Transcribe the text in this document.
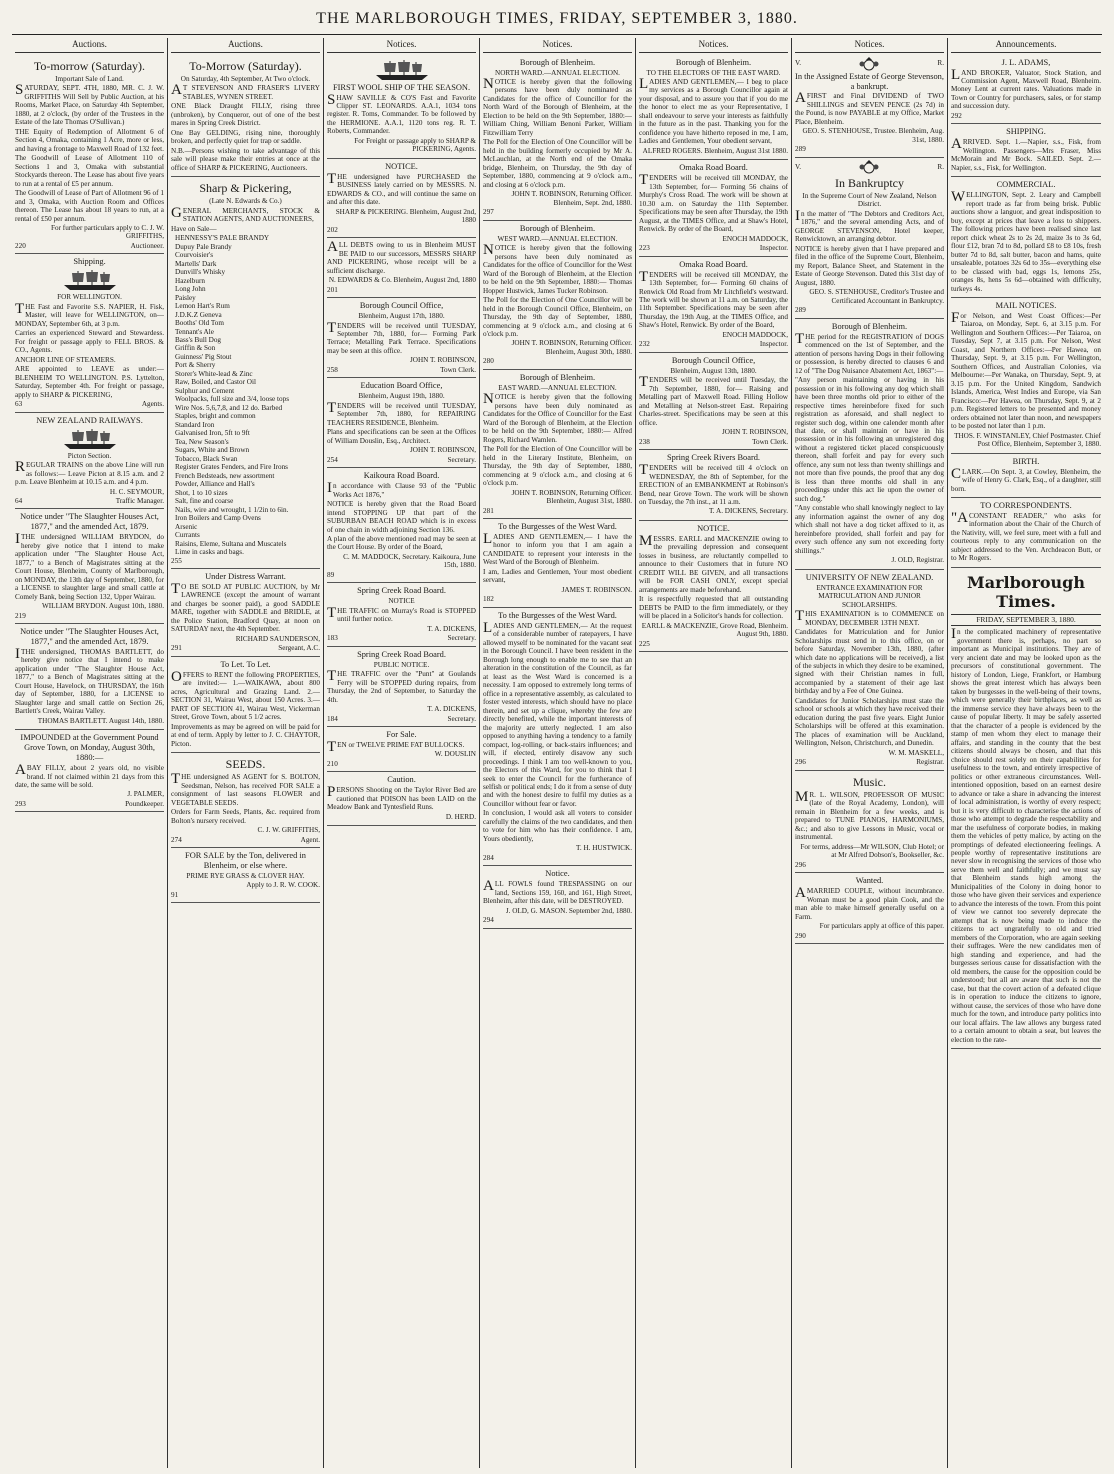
THE MARLBOROUGH TIMES, FRIDAY, SEPTEMBER 3, 1880.
Auctions.
To-morrow (Saturday).
Important Sale of Land.

SATURDAY, SEPT. 4TH, 1880, MR. C. J. W. GRIFFITHS Will Sell by Public Auction, at his Rooms, Market Place, on Saturday 4th September, 1880, at 2 o'clock, (by order of the Trustees in the Estate of the late Thomas O'Sullivan.)

THE Equity of Redemption of Allotment 6 of Section 4, Omaka, containing 1 Acre, more or less, and having a frontage to Maxwell Road of 132 feet.

The Goodwill of Lease of Allotment 110 of Sections 1 and 3, Omaka with substantial Stockyards thereon. The Lease has about five years to run at a rental of £5 per annum.

The Goodwill of Lease of Part of Allotment 96 of 1 and 3, Omaka, with Auction Room and Offices thereon. The Lease has about 18 years to run, at a rental of £50 per annum.

For further particulars apply to C. J. W. GRIFFITHS,

220	Auctioneer.
Shipping.
FOR WELLINGTON.

THE Fast and Favorite S.S. NAPIER, H. Fisk, Master, will leave for WELLINGTON, on— MONDAY, September 6th, at 3 p.m.

Carries an experienced Steward and Stewardess. For freight or passage apply to FELL BROS. & CO., Agents.

ANCHOR LINE OF STEAMERS.

ARE appointed to LEAVE as under:— BLENHEIM TO WELLINGTON. P.S. Lyttelton, Saturday, September 4th. For freight or passage, apply to SHARP & PICKERING,

63	Agents.
NEW ZEALAND RAILWAYS.
Picton Section.

REGULAR TRAINS on the above Line will run as follows:— Leave Picton at 8.15 a.m. and 2 p.m. Leave Blenheim at 10.15 a.m. and 4 p.m.

H. C. SEYMOUR,

64	Traffic Manager.
Notice under "The Slaughter Houses Act, 1877," and the amended Act, 1879.

ITHE undersigned WILLIAM BRYDON, do hereby give notice that I intend to make application under "The Slaughter House Act, 1877," to a Bench of Magistrates sitting at the Court House, Blenheim, County of Marlborough, on MONDAY, the 13th day of September, 1880, for a LICENSE to slaughter large and small cattle at Comely Bank, being Section 132, Upper Wairau.

WILLIAM BRYDON. August 10th, 1880.

219
Notice under "The Slaughter Houses Act, 1877," and the amended Act, 1879.

ITHE undersigned, THOMAS BARTLETT, do hereby give notice that I intend to make application under "The Slaughter House Act, 1877," to a Bench of Magistrates sitting at the Court House, Havelock, on THURSDAY, the 16th day of September, 1880, for a LICENSE to Slaughter large and small cattle on Section 26, Bartlett's Creek, Wairau Valley.

THOMAS BARTLETT. August 14th, 1880.

IMPOUNDED at the Government Pound Grove Town, on Monday, August 30th, 1880:—

ABAY FILLY, about 2 years old, no visible brand. If not claimed within 21 days from this date, the same will be sold.

J. PALMER,

293	Poundkeeper.
Auctions.
To-Morrow (Saturday).
On Saturday, 4th September, At Two o'clock.

AT STEVENSON AND FRASER'S LIVERY STABLES, WYNEN STREET.

ONE Black Draught FILLY, rising three (unbroken), by Conqueror, out of one of the best mares in Spring Creek District.

One Bay GELDING, rising nine, thoroughly broken, and perfectly quiet for trap or saddle.

N.B.—Persons wishing to take advantage of this sale will please make their entries at once at the office of SHARP & PICKERING, Auctioneers.

Sharp & Pickering,
(Late N. Edwards & Co.)

GENERAL MERCHANTS, STOCK & STATION AGENTS, AND AUCTIONEERS,

Have on Sale—

HENNESSY'S PALE BRANDY
Dupuy Pale Brandy
Courvoisier's
Martells' Dark
Dunvill's Whisky
Hazelburn
Long John
Paisley
Lemon Hart's Rum
J.D.K.Z Geneva
Booths' Old Tom
Tennant's Ale
Bass's Bull Dog
Griffin & Son
Guinness' Pig Stout
Port & Sherry
Storer's White-lead & Zinc
Raw, Boiled, and Castor Oil
Sulphur and Cement
Woolpacks, full size and 3/4, loose tops
Wire Nos. 5,6,7,8, and 12 do. Barbed
Staples, bright and common
Standard Iron
Galvanised Iron, 5ft to 9ft
Tea, New Season's
Sugars, White and Brown
Tobacco, Black Swan
Register Grates Fenders, and Fire Irons
French Bedsteads, new assortment
Powder, Alliance and Hall's
Shot, 1 to 10 sizes
Salt, fine and coarse
Nails, wire and wrought, 1 1/2in to 6in.
Iron Boilers and Camp Ovens
Arsenic
Currants
Raisins, Eleme, Sultana and Muscatels
Lime in casks and bags.
255
Under Distress Warrant.

TO BE SOLD AT PUBLIC AUCTION, by Mr LAWRENCE (except the amount of warrant and charges be sooner paid), a good SADDLE MARE, together with SADDLE and BRIDLE, at the Police Station, Bradford Quay, at noon on SATURDAY next, the 4th September.

RICHARD SAUNDERSON,

291	Sergeant, A.C.
To Let. To Let.

OFFERS to RENT the following PROPERTIES, are invited:— 1.—WAIKAWA, about 800 acres, Agricultural and Grazing Land. 2.—SECTION 31, Wairau West, about 150 Acres. 3.—PART OF SECTION 41, Wairau West, Vickerman Street, Grove Town, about 5 1/2 acres.

Improvements as may be agreed on will be paid for at end of term. Apply by letter to J. C. CHAYTOR, Picton.

SEEDS.

THE undersigned AS AGENT for S. BOLTON, Seedsman, Nelson, has received FOR SALE a consignment of last seasons FLOWER and VEGETABLE SEEDS.

Orders for Farm Seeds, Plants, &c. required from Bolton's nursery received.

C. J. W. GRIFFITHS,

274	Agent.
FOR SALE by the Ton, delivered in Blenheim, or else where.
PRIME RYE GRASS & CLOVER HAY.

Apply to J. R. W. COOK.

91
Notices.
FIRST WOOL SHIP OF THE SEASON.

SHAW SAVILLE & CO'S Fast and Favorite Clipper ST. LEONARDS. A.A.1, 1034 tons register. R. Toms, Commander. To be followed by the HERMIONE. A.A.1, 1120 tons reg. R. T. Roberts, Commander.

For Freight or passage apply to SHARP & PICKERING, Agents.

NOTICE.

THE undersigned have PURCHASED the BUSINESS lately carried on by MESSRS. N. EDWARDS & CO., and will continue the same on and after this date.

SHARP & PICKERING. Blenheim, August 2nd, 1880

202

ALL DEBTS owing to us in Blenheim MUST BE PAID to our successors, MESSRS SHARP AND PICKERING, whose receipt will be a sufficient discharge.

N. EDWARDS & Co. Blenheim, August 2nd, 1880

201
Borough Council Office,
Blenheim, August 17th, 1880.

TENDERS will be received until TUESDAY, September 7th, 1880, for— Forming Park Terrace; Metalling Park Terrace. Specifications may be seen at this office.

JOHN T. ROBINSON,

258	Town Clerk.
Education Board Office,
Blenheim, August 19th, 1880.

TENDERS will be received until TUESDAY, September 7th, 1880, for REPAIRING TEACHERS RESIDENCE, Blenheim.

Plans and specifications can be seen at the Offices of William Douslin, Esq., Architect.

JOHN T. ROBINSON,

254	Secretary.
Kaikoura Road Board.

In accordance with Clause 93 of the "Public Works Act 1876,"

NOTICE is hereby given that the Road Board intend STOPPING UP that part of the SUBURBAN BEACH ROAD which is in excess of one chain in width adjoining Section 136.

A plan of the above mentioned road may be seen at the Court House. By order of the Board,

C. M. MADDOCK, Secretary. Kaikoura, June 15th, 1880.

89
Spring Creek Road Board.
NOTICE

THE TRAFFIC on Murray's Road is STOPPED until further notice.

T. A. DICKENS,

183	Secretary.
Spring Creek Road Board.
PUBLIC NOTICE.

THE TRAFFIC over the "Punt" at Goulands Ferry will be STOPPED during repairs, from Thursday, the 2nd of September, to Saturday the 4th.

T. A. DICKENS,

184	Secretary.
For Sale.

TEN or TWELVE PRIME FAT BULLOCKS.

W. DOUSLIN

210
Caution.

PERSONS Shooting on the Taylor River Bed are cautioned that POISON has been LAID on the Meadow Bank and Tyntesfield Runs.

D. HERD.

Notices.
Borough of Blenheim.
NORTH WARD.—ANNUAL ELECTION.

NOTICE is hereby given that the following persons have been duly nominated as Candidates for the office of Councillor for the North Ward of the Borough of Blenheim, at the Election to be held on the 9th September, 1880:— William Ching, William Benoni Parker, William Fitzwilliam Terry

The Poll for the Election of One Councillor will be held in the building formerly occupied by Mr A. McLauchlan, at the North end of the Omaka bridge, Blenheim, on Thursday, the 9th day of September, 1880, commencing at 9 o'clock a.m., and closing at 6 o'clock p.m.

JOHN T. ROBINSON, Returning Officer. Blenheim, Sept. 2nd, 1880.

297
Borough of Blenheim.
WEST WARD.—ANNUAL ELECTION.

NOTICE is hereby given that the following persons have been duly nominated as Candidates for the office of Councillor for the West Ward of the Borough of Blenheim, at the Election to be held on the 9th September, 1880:— Thomas Hopper Hustwick, James Tucker Robinson.

The Poll for the Election of One Councillor will be held in the Borough Council Office, Blenheim, on Thursday, the 9th day of September, 1880, commencing at 9 o'clock a.m., and closing at 6 o'clock p.m.

JOHN T. ROBINSON, Returning Officer. Blenheim, August 30th, 1880.

280
Borough of Blenheim.
EAST WARD.—ANNUAL ELECTION.

NOTICE is hereby given that the following persons have been duly nominated as Candidates for the Office of Councillor for the East Ward of the Borough of Blenheim, at the Election to be held on the 9th September, 1880:— Alfred Rogers, Richard Wamlen.

The Poll for the Election of One Councillor will be held in the Literary Institute, Blenheim, on Thursday, the 9th day of September, 1880, commencing at 9 o'clock a.m., and closing at 6 o'clock p.m.

JOHN T. ROBINSON, Returning Officer. Blenheim, August 31st, 1880.

281
To the Burgesses of the West Ward.

LADIES AND GENTLEMEN,— I have the honor to inform you that I am again a CANDIDATE to represent your interests in the West Ward of the Borough of Blenheim.

I am, Ladies and Gentlemen, Your most obedient servant,

JAMES T. ROBINSON.

182
To the Burgesses of the West Ward.

LADIES AND GENTLEMEN,— At the request of a considerable number of ratepayers, I have allowed myself to be nominated for the vacant seat in the Borough Council. I have been resident in the Borough long enough to enable me to see that an alteration in the constitution of the Council, as far at least as the West Ward is concerned is a necessity. I am opposed to extremely long terms of office in a representative assembly, as calculated to foster vested interests, which should have no place therein, and set up a clique, whereby the few are directly benefited, while the important interests of the majority are utterly neglected. I am also opposed to anything having a tendency to a family compact, log-rolling, or back-stairs influences; and will, if elected, entirely disavow any such proceedings. I think I am too well-known to you, the Electors of this Ward, for you to think that I seek to enter the Council for the furtherance of selfish or political ends; I do it from a sense of duty and with the honest desire to fulfil my duties as a Councillor without fear or favor.

In conclusion, I would ask all voters to consider carefully the claims of the two candidates, and then to vote for him who has their confidence. I am, Yours obediently,

T. H. HUSTWICK.

284
Notice.

ALL FOWLS found TRESPASSING on our land, Sections 159, 160, and 161, High Street, Blenheim, after this date, will be DESTROYED.

J. OLD, G. MASON. September 2nd, 1880.

294
Notices.
Borough of Blenheim.
TO THE ELECTORS OF THE EAST WARD.

LADIES AND GENTLEMEN,— I beg to place my services as a Borough Councillor again at your disposal, and to assure you that if you do me the honor to elect me as your Representative, I shall endeavour to serve your interests as faithfully in the future as in the past. Thanking you for the confidence you have hitherto reposed in me, I am, Ladies and Gentlemen, Your obedient servant,

ALFRED ROGERS. Blenheim, August 31st 1880.

Omaka Road Board.

TENDERS will be received till MONDAY, the 13th September, for— Forming 56 chains of Murphy's Cross Road. The work will be shown at 10.30 a.m. on Saturday the 11th September. Specifications may be seen after Thursday, the 19th August, at the TIMES Office, and at Shaw's Hotel, Renwick. By order of the Board,

ENOCH MADDOCK,

223	Inspector.
Omaka Road Board.

TENDERS will be received till MONDAY, the 13th September, for— Forming 60 chains of Renwick Old Road from Mr Litchfield's westward. The work will be shown at 11 a.m. on Saturday, the 11th September. Specifications may be seen after Thursday, the 19th Aug, at the TIMES Office, and Shaw's Hotel, Renwick. By order of the Board,

ENOCH MADDOCK,

232	Inspector.
Borough Council Office,
Blenheim, August 13th, 1880.

TENDERS will be received until Tuesday, the 7th September, 1880, for— Raising and Metalling part of Maxwell Road. Filling Hollow and Metalling at Nelson-street East. Repairing Charles-street. Specifications may be seen at this office.

JOHN T. ROBINSON,

238	Town Clerk.
Spring Creek Rivers Board.

TENDERS will be received till 4 o'clock on WEDNESDAY, the 8th of September, for the ERECTION of an EMBANKMENT at Robinson's Bend, near Grove Town. The work will be shown on Tuesday, the 7th inst., at 11 a.m.

T. A. DICKENS, Secretary.

NOTICE.

MESSRS. EARLL and MACKENZIE owing to the prevailing depression and consequent losses in business, are reluctantly compelled to announce to their Customers that in future NO CREDIT WILL BE GIVEN, and all transactions will be FOR CASH ONLY, except special arrangements are made beforehand.

It is respectfully requested that all outstanding DEBTS be PAID to the firm immediately, or they will be placed in a Solicitor's hands for collection.

EARLL & MACKENZIE, Grove Road, Blenheim. August 9th, 1880.

225
Notices.
V.	R.
In the Assigned Estate of George Stevenson, a bankrupt.

AFIRST and Final DIVIDEND of TWO SHILLINGS and SEVEN PENCE (2s 7d) in the Pound, is now PAYABLE at my Office, Market Place, Blenheim.

GEO. S. STENHOUSE, Trustee. Blenheim, Aug. 31st, 1880.

289
V.	R.
In Bankruptcy
In the Supreme Court of New Zealand, Nelson District.

In the matter of "The Debtors and Creditors Act, 1876," and the several amending Acts, and of GEORGE STEVENSON, Hotel keeper, Renwicktown, an arranging debtor.

NOTICE is hereby given that I have prepared and filed in the office of the Supreme Court, Blenheim, my Report, Balance Sheet, and Statement in the Estate of George Stevenson. Dated this 31st day of August, 1880.

GEO. S. STENHOUSE, Creditor's Trustee and Certificated Accountant in Bankruptcy.

289
Borough of Blenheim.

THE period for the REGISTRATION of DOGS commenced on the 1st of September, and the attention of persons having Dogs in their following or possession, is hereby directed to clauses 6 and 12 of "The Dog Nuisance Abatement Act, 1863":—

"Any person maintaining or having in his possession or in his following any dog which shall have been three months old prior to either of the respective times hereinbefore fixed for such registration as aforesaid, and shall neglect to register such dog, within one calender month after that date, or shall maintain or have in his possession or in his following an unregistered dog without a registered ticket placed conspicuously thereon, shall forfeit and pay for every such offence, any sum not less than twenty shillings and not more than five pounds, the proof that any dog is less than three months old shall in any proceedings under this act lie upon the owner of such dog."

"Any constable who shall knowingly neglect to lay any information against the owner of any dog which shall not have a dog ticket affixed to it, as hereinbefore provided, shall forfeit and pay for every such offence any sum not exceeding forty shillings."

J. OLD, Registrar.

UNIVERSITY OF NEW ZEALAND.
ENTRANCE EXAMINATION FOR MATRICULATION AND JUNIOR SCHOLARSHIPS.

THIS EXAMINATION is to COMMENCE on MONDAY, DECEMBER 13TH NEXT.

Candidates for Matriculation and for Junior Scholarships must send in to this office, on or before Saturday, November 13th, 1880, (after which date no applications will be received), a list of the subjects in which they desire to be examined, signed with their Christian names in full, accompanied by a statement of their age last birthday and by a Fee of One Guinea.

Candidates for Junior Scholarships must state the school or schools at which they have received their education during the past five years. Eight Junior Scholarships will be offered at this examination. The places of examination will be Auckland, Wellington, Nelson, Christchurch, and Dunedin.

W. M. MASKELL,

296	Registrar.
Music.

MR. L. WILSON, PROFESSOR OF MUSIC (late of the Royal Academy, London), will remain in Blenheim for a few weeks, and is prepared to TUNE PIANOS, HARMONIUMS, &c.; and also to give Lessons in Music, vocal or instrumental.

For terms, address—Mr WILSON, Club Hotel; or at Mr Alfred Dobson's, Bookseller, &c.

296
Wanted.

AMARRIED COUPLE, without incumbrance. Woman must be a good plain Cook, and the man able to make himself generally useful on a Farm.

For particulars apply at office of this paper.

290
Announcements.
J. L. ADAMS,

LAND BROKER, Valuator, Stock Station, and Commission Agent, Maxwell Road, Blenheim. Money Lent at current rates. Valuations made in Town or Country for purchasers, sales, or for stamp and succession duty.

292
SHIPPING.

ARRIVED. Sept. 1.—Napier, s.s., Fisk, from Wellington. Passengers—Mrs Fraser, Miss McMorain and Mr Bock. SAILED. Sept. 2.—Napier, s.s., Fisk, for Wellington.

COMMERCIAL.

WELLINGTON, Sept. 2. Leary and Campbell report trade as far from being brisk. Public auctions show a languor, and great indisposition to buy, except at prices that leave a loss to shippers. The following prices have been realised since last report chick wheat 2s to 2s 2d, maize 3s to 3s 6d, flour £12, bran 7d to 8d, pollard £8 to £8 10s, fresh butter 7d to 8d, salt butter, bacon and hams, quite unsaleable, potatoes 32s 6d to 35s—everything else to be classed with bad, eggs 1s, lemons 25s, oranges 8s, hens 5s 6d—obtained with difficulty, turkeys 4s.

MAIL NOTICES.

For Nelson, and West Coast Offices:—Per Taiaroa, on Monday, Sept. 6, at 3.15 p.m. For Wellington and Southern Offices:—Per Taiaroa, on Tuesday, Sept 7, at 3.15 p.m. For Nelson, West Coast, and Northern Offices:—Per Hawea, on Thursday, Sept. 9, at 3.15 p.m. For Wellington, Southern Offices, and Australian Colonies, via Melbourne:—Per Wanaka, on Thursday, Sept. 9, at 3.15 p.m. For the United Kingdom, Sandwich Islands, America, West Indies and Europe, via San Francisco:—Per Hawea, on Thursday, Sept. 9, at 2 p.m. Registered letters to be presented and money orders obtained not later than noon, and newspapers to be posted not later than 1 p.m.

THOS. F. WINSTANLEY, Chief Postmaster. Chief Post Office, Blenheim, September 3, 1880.

BIRTH.

CLARK.—On Sept. 3, at Cowley, Blenheim, the wife of Henry G. Clark, Esq., of a daughter, still born.

TO CORRESPONDENTS.

"ACONSTANT READER," who asks for information about the Chair of the Church of the Nativity, will, we feel sure, meet with a full and courteous reply to any communication on the subject addressed to the Ven. Archdeacon Butt, or to Mr Rogers.

Marlborough Times.
FRIDAY, SEPTEMBER 3, 1880.

In the complicated machinery of representative government there is, perhaps, no part so important as Municipal institutions. They are of very ancient date and may be looked upon as the precursors of constitutional government. The history of London, Liege, Frankfort, or Hamburg shows the great interest which has always been taken by burgesses in the well-being of their towns, which were generally their birthplaces, as well as the immense service they have always been to the cause of popular liberty. It may be safely asserted that the character of a people is evidenced by the stamp of men whom they elect to manage their affairs, and standing in the county that the best citizens should always be chosen, and that this choice should rest solely on their capabilities for usefulness to the town, and entirely irrespective of politics or other extraneous circumstances. Well-intentioned opposition, based on an earnest desire to advance or take a share in advancing the interest of local administration, is worthy of every respect; but it is very difficult to characterise the actions of those who attempt to degrade the respectability and mar the usefulness of corporate bodies, in making them the vehicles of petty malice, by acting on the promptings of defeated electioneering feelings. A people worthy of representative institutions are never slow in recognising the services of those who serve them well and faithfully; and we must say that Blenheim stands high among the Municipalities of the Colony in doing honor to those who have given their services and experience to advance the interests of the town. From this point of view we cannot too severely deprecate the attempt that is now being made to induce the citizens to act ungratefully to old and tried members of the Corporation, who are again seeking their suffrages. Were the new candidates men of high standing and experience, and had the burgesses serious cause for dissatisfaction with the old members, the cause for the opposition could be understood; but all are aware that such is not the case, but that the covert action of a defeated clique is in operation to induce the citizens to ignore, without cause, the services of those who have done much for the town, and introduce party politics into our local affairs. The law allows any burgess rated to a certain amount to obtain a seat, but leaves the election to the rate-
